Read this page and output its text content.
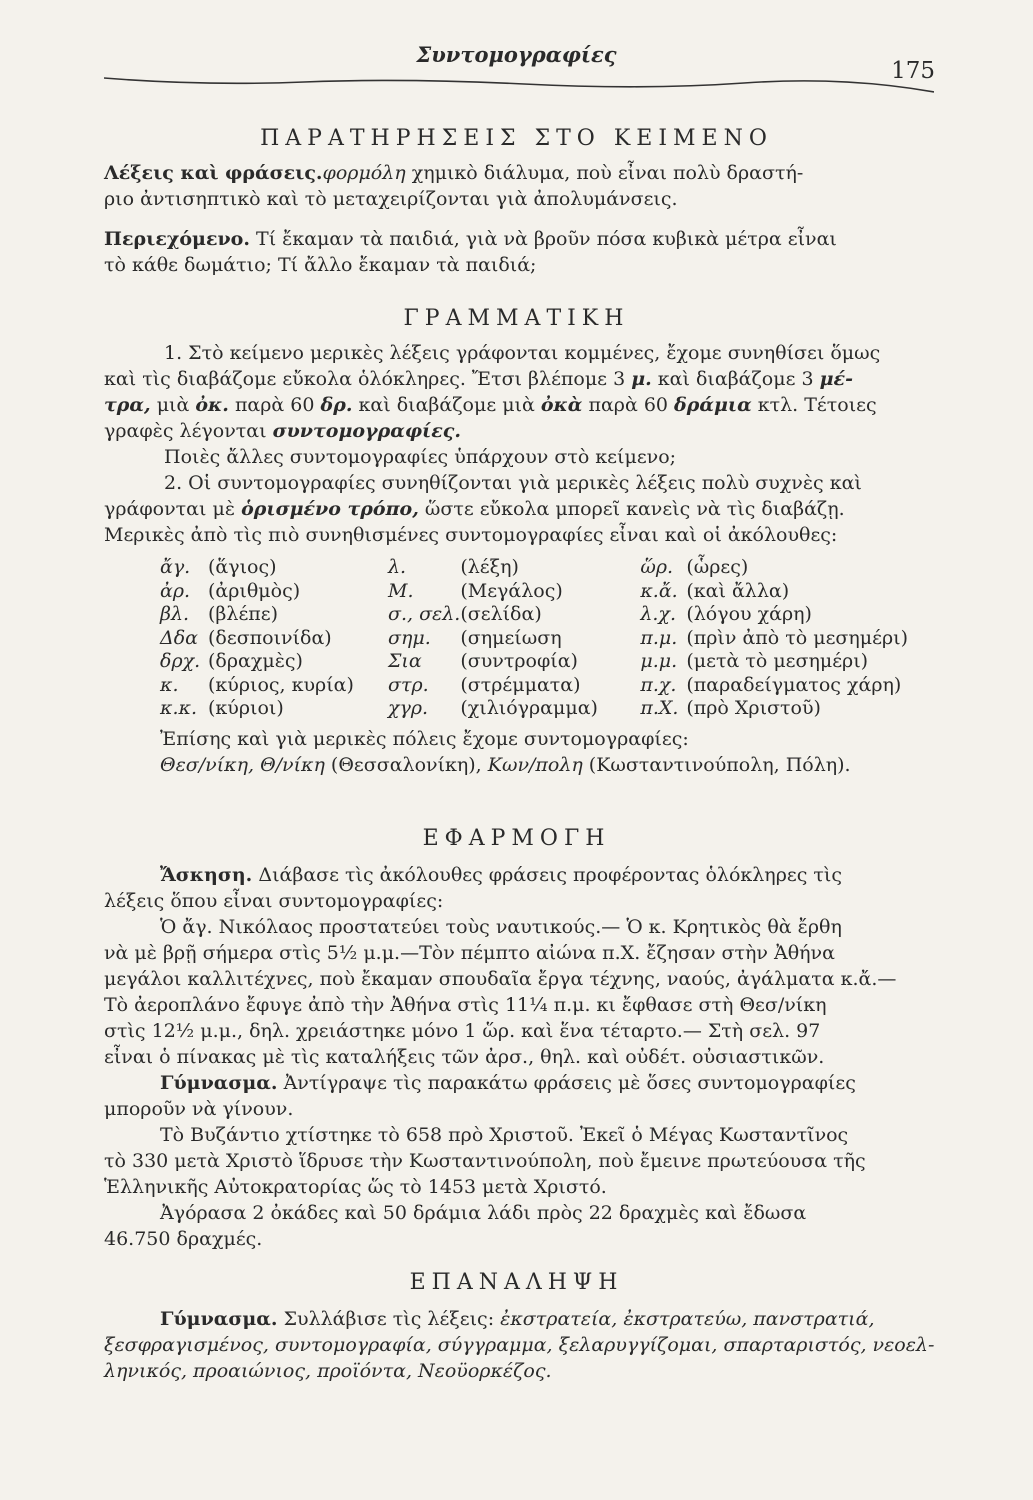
Συντομογραφίες
175
ΠΑΡΑΤΗΡΗΣΕΙΣ ΣΤΟ ΚΕΙΜΕΝΟ
Λέξεις καὶ φράσεις.φορμόλη χημικὸ διάλυμα, ποὺ εἶναι πολὺ δραστή-
ριο ἀντισηπτικὸ καὶ τὸ μεταχειρίζονται γιὰ ἀπολυμάνσεις.
Περιεχόμενο. Τί ἔκαμαν τὰ παιδιά, γιὰ νὰ βροῦν πόσα κυβικὰ μέτρα εἶναι
τὸ κάθε δωμάτιο; Τί ἄλλο ἔκαμαν τὰ παιδιά;
ΓΡΑΜΜΑΤΙΚΗ
1. Στὸ κείμενο μερικὲς λέξεις γράφονται κομμένες, ἔχομε συνηθίσει ὅμως
καὶ τὶς διαβάζομε εὔκολα ὁλόκληρες. Ἔτσι βλέπομε 3 μ. καὶ διαβάζομε 3 μέ-
τρα, μιὰ ὀκ. παρὰ 60 δρ. καὶ διαβάζομε μιὰ ὀκὰ παρὰ 60 δράμια κτλ. Τέτοιες
γραφὲς λέγονται συντομογραφίες.
Ποιὲς ἄλλες συντομογραφίες ὑπάρχουν στὸ κείμενο;
2. Οἱ συντομογραφίες συνηθίζονται γιὰ μερικὲς λέξεις πολὺ συχνὲς καὶ
γράφονται μὲ ὁρισμένο τρόπο, ὥστε εὔκολα μπορεῖ κανεὶς νὰ τὶς διαβάζῃ.
Μερικὲς ἀπὸ τὶς πιὸ συνηθισμένες συντομογραφίες εἶναι καὶ οἱ ἀκόλουθες:
ἄγ.	(ἅγιος)	λ.	(λέξη)	ὥρ.	(ὧρες)
ἀρ.	(ἀριθμὸς)	Μ.	(Μεγάλος)	κ.ἄ.	(καὶ ἄλλα)
βλ.	(βλέπε)	σ., σελ.	(σελίδα)	λ.χ.	(λόγου χάρη)
Δδα	(δεσποινίδα)	σημ.	(σημείωση	π.μ.	(πρὶν ἀπὸ τὸ μεσημέρι)
δρχ.	(δραχμὲς)	Σια	(συντροφία)	μ.μ.	(μετὰ τὸ μεσημέρι)
κ.	(κύριος, κυρία)	στρ.	(στρέμματα)	π.χ.	(παραδείγματος χάρη)
κ.κ.	(κύριοι)	χγρ.	(χιλιόγραμμα)	π.Χ.	(πρὸ Χριστοῦ)
Ἐπίσης καὶ γιὰ μερικὲς πόλεις ἔχομε συντομογραφίες:
Θεσ/νίκη, Θ/νίκη (Θεσσαλονίκη), Κων/πολη (Κωσταντινούπολη, Πόλη).
ΕΦΑΡΜΟΓΗ
Ἄσκηση. Διάβασε τὶς ἀκόλουθες φράσεις προφέροντας ὁλόκληρες τὶς
λέξεις ὅπου εἶναι συντομογραφίες:
Ὁ ἄγ. Νικόλαος προστατεύει τοὺς ναυτικούς.— Ὁ κ. Κρητικὸς θὰ ἔρθη
νὰ μὲ βρῇ σήμερα στὶς 5½ μ.μ.—Τὸν πέμπτο αἰώνα π.Χ. ἔζησαν στὴν Ἀθήνα
μεγάλοι καλλιτέχνες, ποὺ ἔκαμαν σπουδαῖα ἔργα τέχνης, ναούς, ἀγάλματα κ.ἄ.—
Τὸ ἀεροπλάνο ἔφυγε ἀπὸ τὴν Ἀθήνα στὶς 11¼ π.μ. κι ἔφθασε στὴ Θεσ/νίκη
στὶς 12½ μ.μ., δηλ. χρειάστηκε μόνο 1 ὥρ. καὶ ἕνα τέταρτο.— Στὴ σελ. 97
εἶναι ὁ πίνακας μὲ τὶς καταλήξεις τῶν ἀρσ., θηλ. καὶ οὐδέτ. οὐσιαστικῶν.
Γύμνασμα. Ἀντίγραψε τὶς παρακάτω φράσεις μὲ ὅσες συντομογραφίες
μποροῦν νὰ γίνουν.
Τὸ Βυζάντιο χτίστηκε τὸ 658 πρὸ Χριστοῦ. Ἐκεῖ ὁ Μέγας Κωσταντῖνος
τὸ 330 μετὰ Χριστὸ ἵδρυσε τὴν Κωσταντινούπολη, ποὺ ἔμεινε πρωτεύουσα τῆς
Ἑλληνικῆς Αὐτοκρατορίας ὥς τὸ 1453 μετὰ Χριστό.
Ἀγόρασα 2 ὀκάδες καὶ 50 δράμια λάδι πρὸς 22 δραχμὲς καὶ ἔδωσα
46.750 δραχμές.
ΕΠΑΝΑΛΗΨΗ
Γύμνασμα. Συλλάβισε τὶς λέξεις: ἐκστρατεία, ἐκστρατεύω, πανστρατιά,
ξεσφραγισμένος, συντομογραφία, σύγγραμμα, ξελαρυγγίζομαι, σπαρταριστός, νεοελ-
ληνικός, προαιώνιος, προϊόντα, Νεοϋορκέζος.
